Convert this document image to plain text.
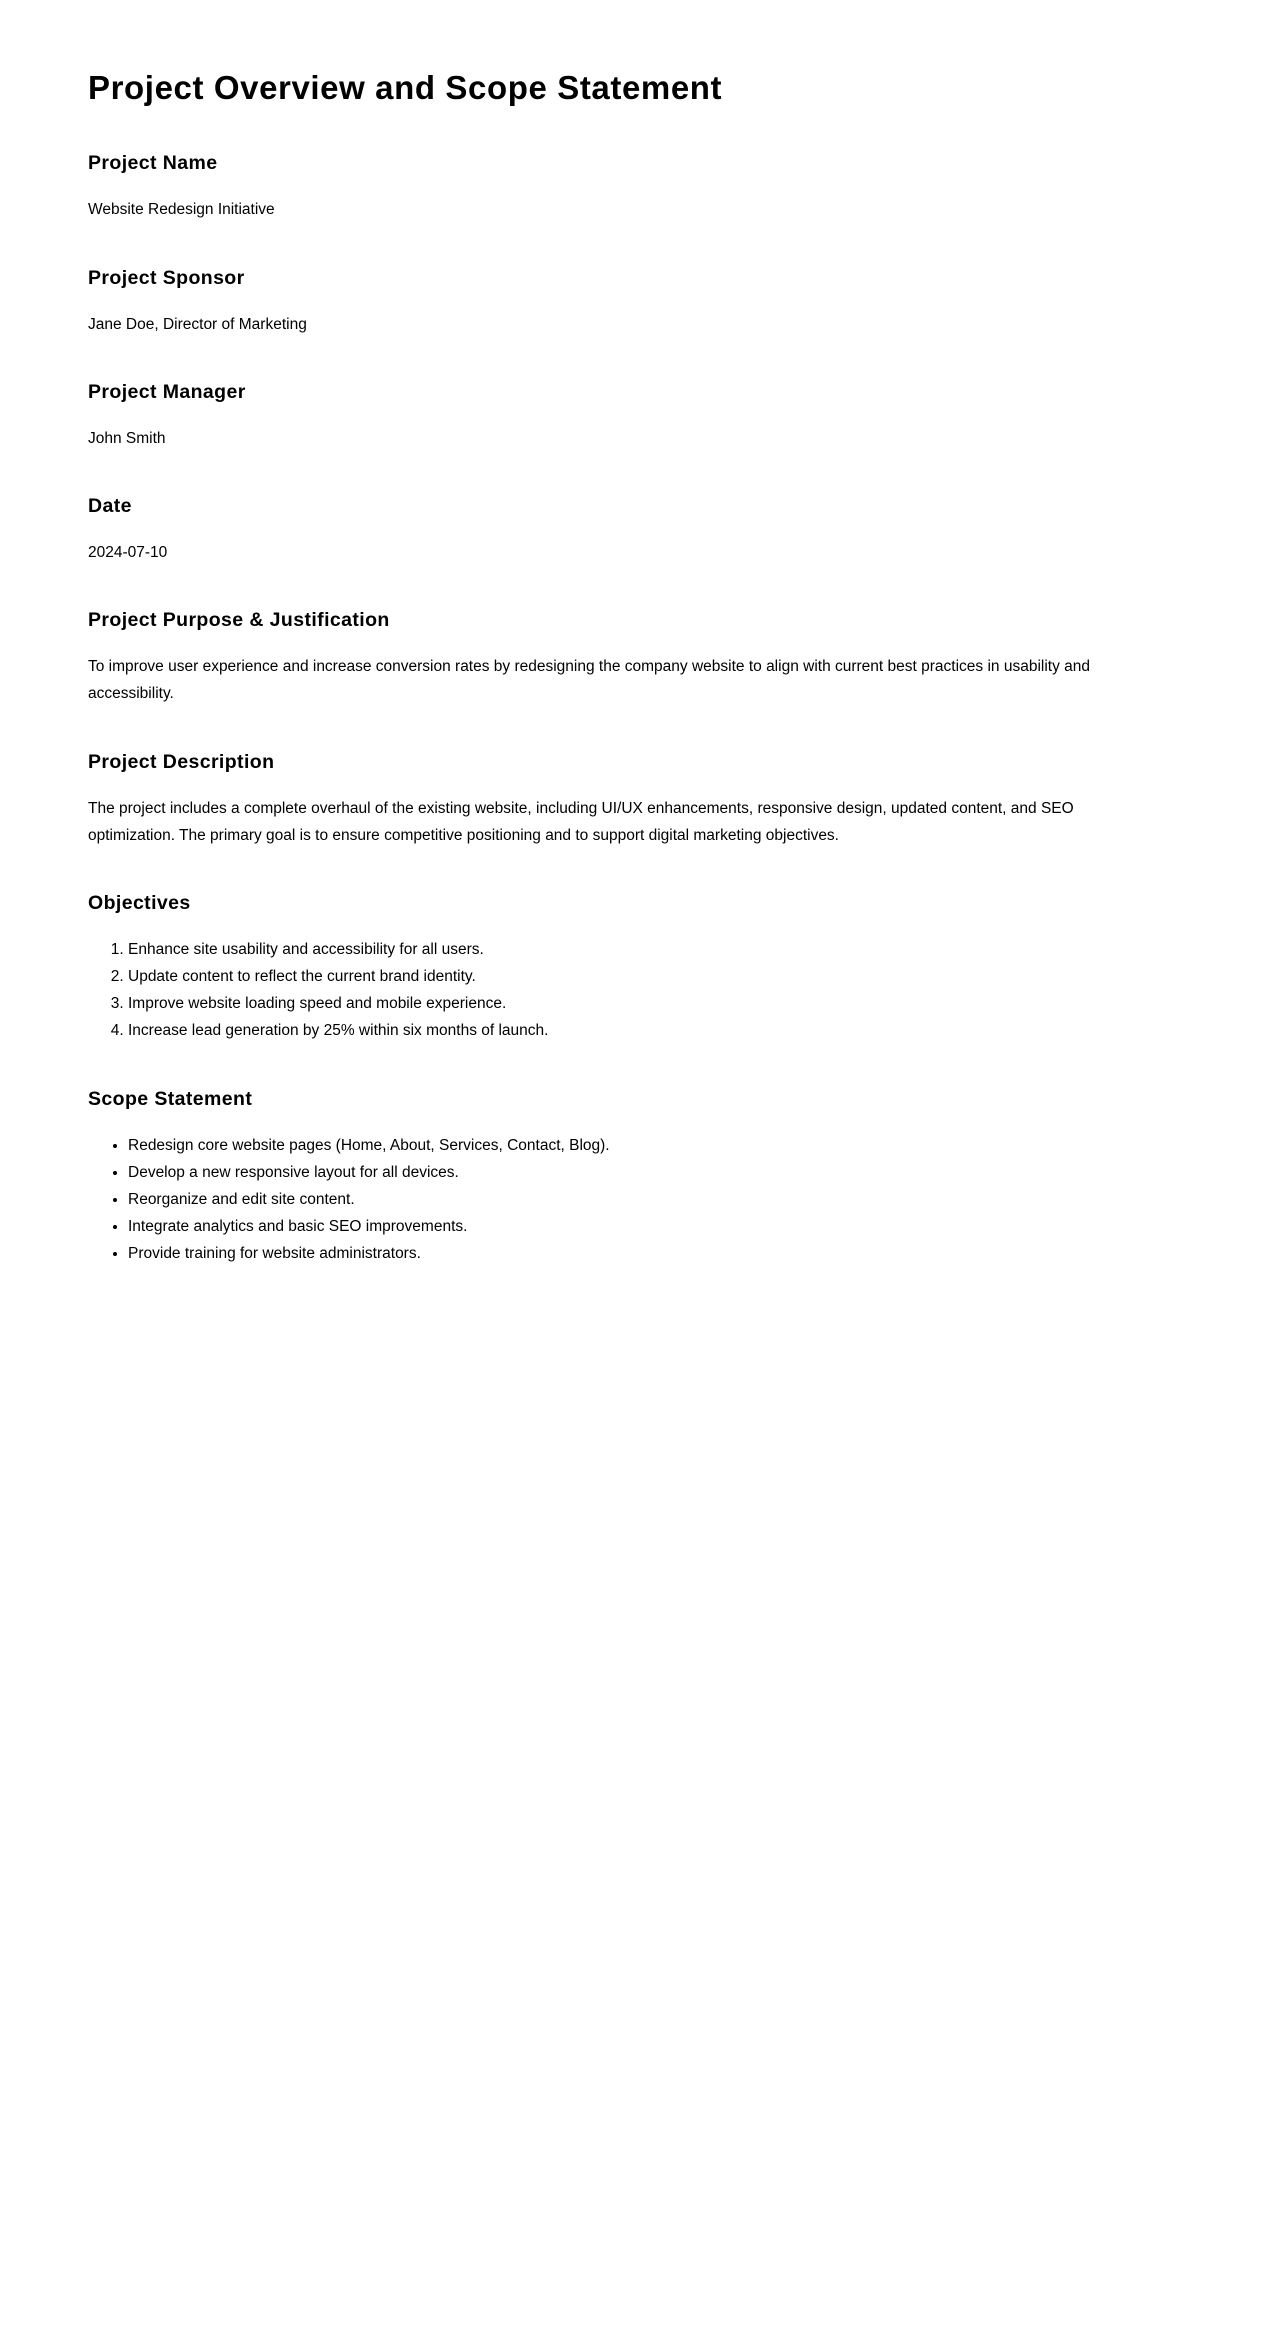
Project Overview and Scope Statement
Project Name

Website Redesign Initiative

Project Sponsor

Jane Doe, Director of Marketing

Project Manager

John Smith

Date

2024-07-10

Project Purpose & Justification

To improve user experience and increase conversion rates by redesigning the company website to align with current best practices in usability and accessibility.

Project Description

The project includes a complete overhaul of the existing website, including UI/UX enhancements, responsive design, updated content, and SEO optimization. The primary goal is to ensure competitive positioning and to support digital marketing objectives.

Objectives
1. Enhance site usability and accessibility for all users.
2. Update content to reflect the current brand identity.
3. Improve website loading speed and mobile experience.
4. Increase lead generation by 25% within six months of launch.
Scope Statement
• Redesign core website pages (Home, About, Services, Contact, Blog).
• Develop a new responsive layout for all devices.
• Reorganize and edit site content.
• Integrate analytics and basic SEO improvements.
• Provide training for website administrators.
